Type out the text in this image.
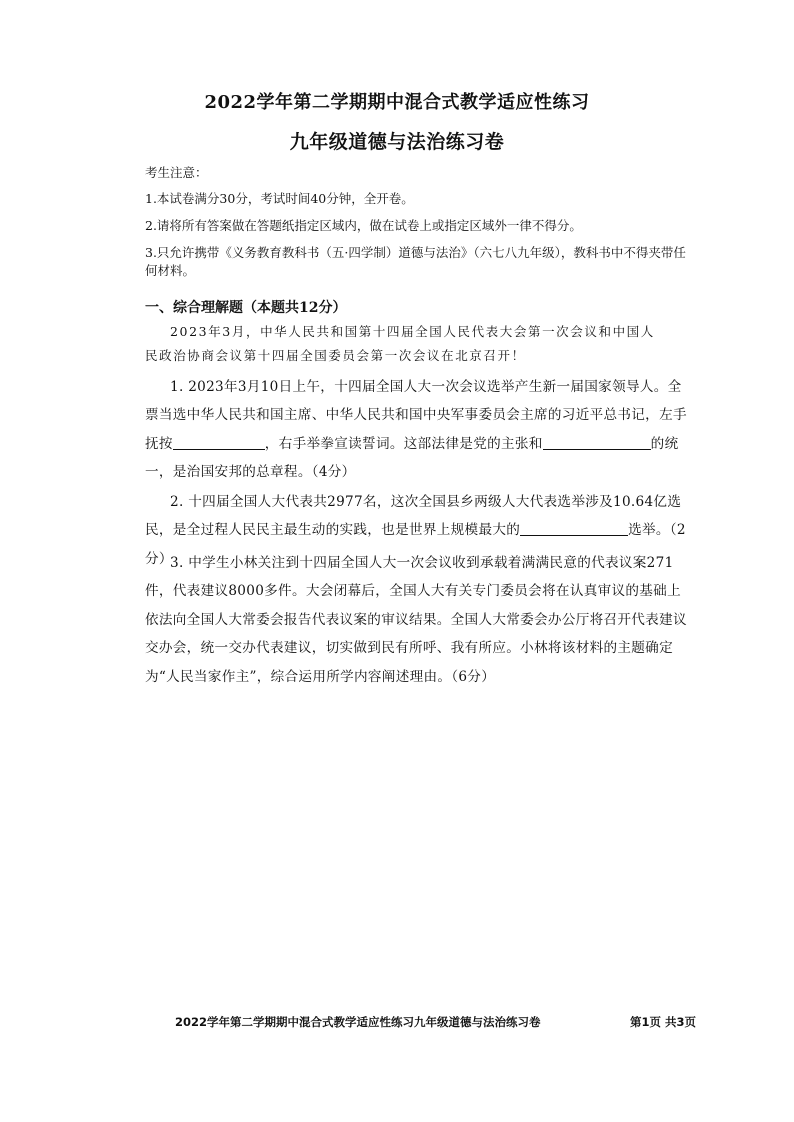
2022学年第二学期期中混合式教学适应性练习
九年级道德与法治练习卷
考生注意：
1.本试卷满分30分，考试时间40分钟，全开卷。
2.请将所有答案做在答题纸指定区域内，做在试卷上或指定区域外一律不得分。
3.只允许携带《义务教育教科书（五·四学制）道德与法治》（六七八九年级），教科书中不得夹带任何材料。
一、综合理解题（本题共12分）
2023年3月，中华人民共和国第十四届全国人民代表大会第一次会议和中国人民政治协商会议第十四届全国委员会第一次会议在北京召开！
1. 2023年3月10日上午，十四届全国人大一次会议选举产生新一届国家领导人。全票当选中华人民共和国主席、中华人民共和国中央军事委员会主席的习近平总书记，左手抚按	，右手举拳宣读誓词。这部法律是党的主张和	的统一，是治国安邦的总章程。（4分）
2. 十四届全国人大代表共2977名，这次全国县乡两级人大代表选举涉及10.64亿选民，是全过程人民民主最生动的实践，也是世界上规模最大的	选举。（2分）
3. 中学生小林关注到十四届全国人大一次会议收到承载着满满民意的代表议案271件，代表建议8000多件。大会闭幕后，全国人大有关专门委员会将在认真审议的基础上依法向全国人大常委会报告代表议案的审议结果。全国人大常委会办公厅将召开代表建议交办会，统一交办代表建议，切实做到民有所呼、我有所应。小林将该材料的主题确定为“人民当家作主”，综合运用所学内容阐述理由。（6分）
2022学年第二学期期中混合式教学适应性练习九年级道德与法治练习卷	第1页 共3页
